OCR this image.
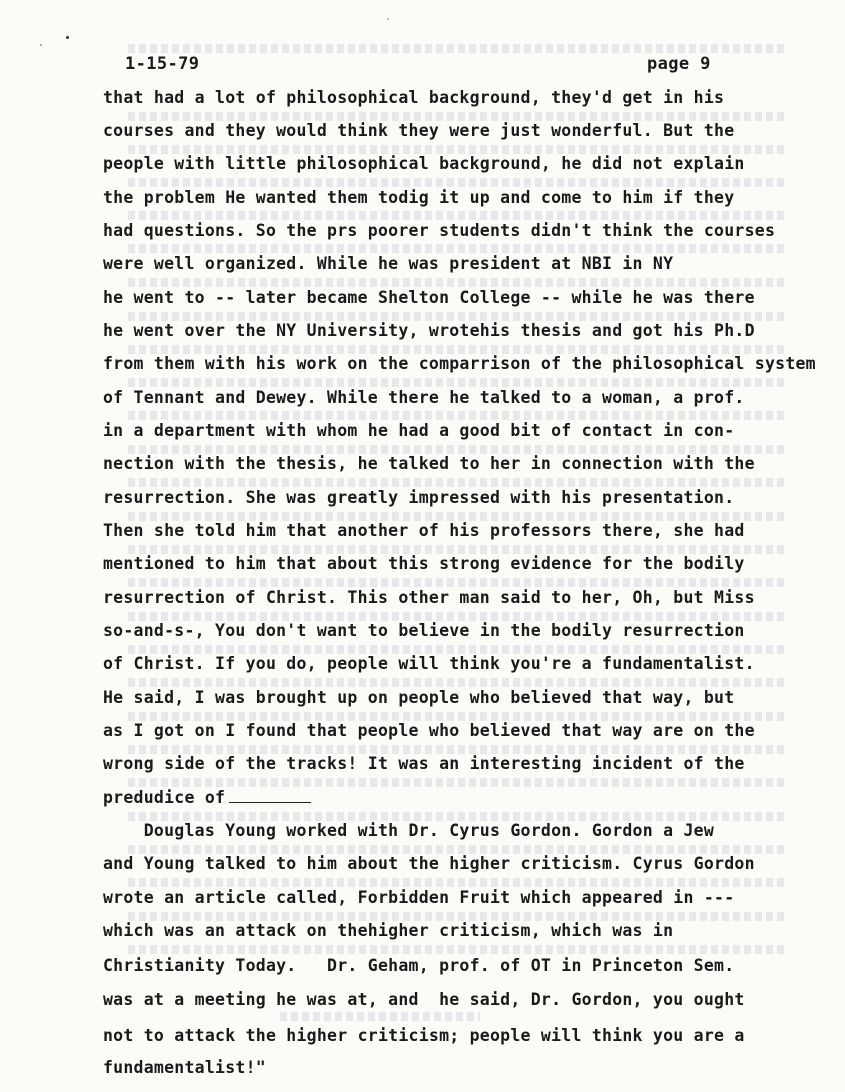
1-15-79	page 9
that had a lot of philosophical background, they'd get in his
courses and they would think they were just wonderful. But the
people with little philosophical background, he did not explain
the problem He wanted them todig it up and come to him if they
had questions. So the prs poorer students didn't think the courses
were well organized. While he was president at NBI in NY
he went to -- later became Shelton College -- while he was there
he went over the NY University, wrotehis thesis and got his Ph.D
from them with his work on the comparrison of the philosophical system
of Tennant and Dewey. While there he talked to a woman, a prof.
in a department with whom he had a good bit of contact in con-
nection with the thesis, he talked to her in connection with the
resurrection. She was greatly impressed with his presentation.
Then she told him that another of his professors there, she had
mentioned to him that about this strong evidence for the bodily
resurrection of Christ. This other man said to her, Oh, but Miss
so-and-s-, You don't want to believe in the bodily resurrection
of Christ. If you do, people will think you're a fundamentalist.
He said, I was brought up on people who believed that way, but
as I got on I found that people who believed that way are on the
wrong side of the tracks! It was an interesting incident of the
predudice of
Douglas Young worked with Dr. Cyrus Gordon. Gordon a Jew
and Young talked to him about the higher criticism. Cyrus Gordon
wrote an article called, Forbidden Fruit which appeared in ---
which was an attack on thehigher criticism, which was in
Christianity Today.   Dr. Geham, prof. of OT in Princeton Sem.
was at a meeting he was at, and  he said, Dr. Gordon, you ought
not to attack the higher criticism; people will think you are a
fundamentalist!"
